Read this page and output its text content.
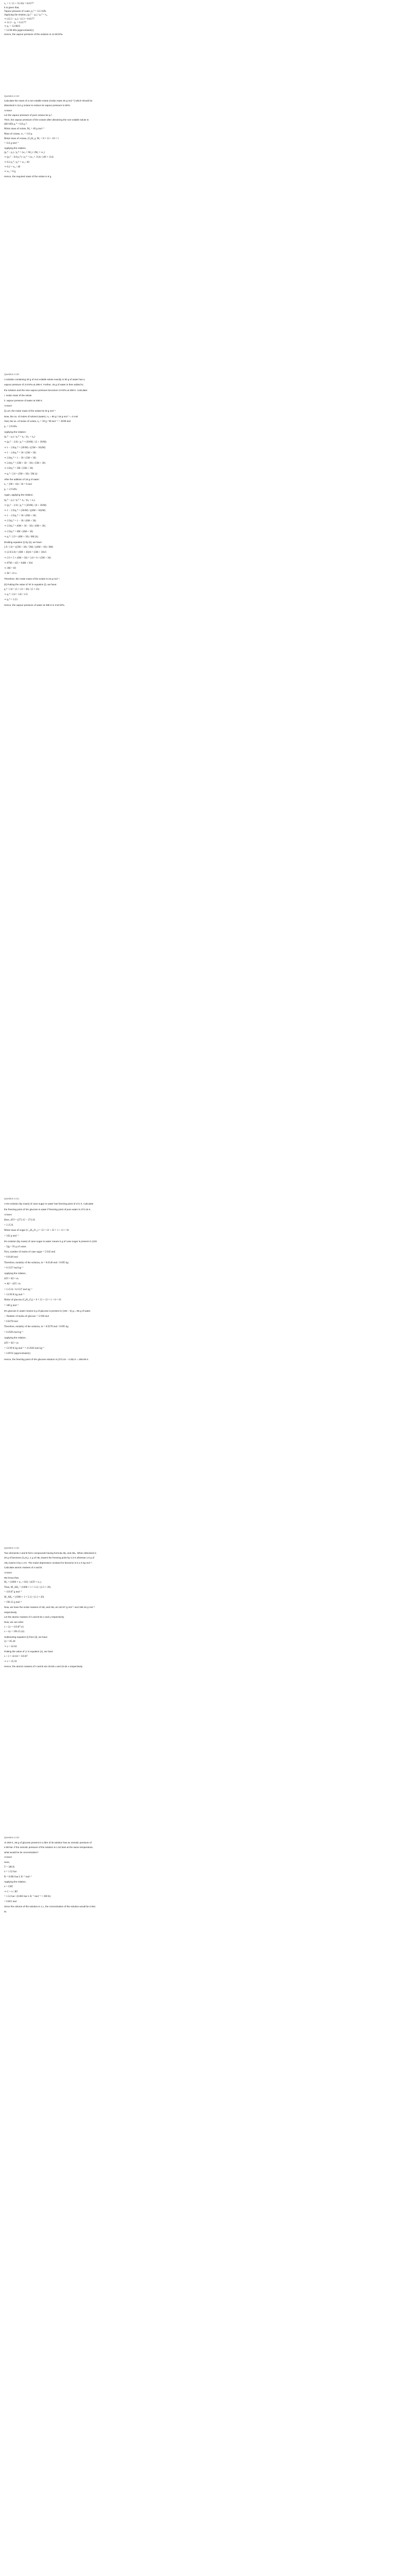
x₁ = 1 / (1 + 55.56) = 0.0177
It is given that,
Vapour pressure of water, p₁⁰ = 12.3 kPa
Applying the relation, (p₁⁰ − p₁) / p₁⁰ = x₂
⇒ (12.3 − p₁) / 12.3 = 0.0177
⇒ 12.3 − p₁ = 0.2177
⇒ p₁ = 12.0823
= 12.08 kPa (approximately)
Hence, the vapour pressure of the solution is 12.08 kPa.
Question 2.19:
Calculate the mass of a non-volatile solute (molar mass 40 g mol⁻¹) which should be
dissolved in 114 g octane to reduce its vapour pressure to 80%.
Answer
Let the vapour pressure of pure octane be p₁⁰.
Then, the vapour pressure of the octane after dissolving the non-volatile solute is
(80/100) p₁⁰ = 0.8 p₁⁰.
Molar mass of solute, M₂ = 40 g mol⁻¹
Mass of octane, w₁ = 114 g
Molar mass of octane, (C₈H₁₈), M₁ = 8 × 12 + 18 × 1
= 114 g mol⁻¹
Applying the relation,
(p₁⁰ − p₁) / p₁⁰ = (w₂ × M₁) / (M₂ × w₁)
⇒ (p₁⁰ − 0.8 p₁⁰) / p₁⁰ = (w₂ × 114) / (40 × 114)
⇒ 0.2 p₁⁰ / p₁⁰ = w₂ / 40
⇒ 0.2 = w₂ / 40
⇒ w₂ = 8 g
Hence, the required mass of the solute is 8 g.
Question 2.20:
A solution containing 30 g of non-volatile solute exactly in 90 g of water has a
vapour pressure of 2.8 kPa at 298 K. Further, 18 g of water is then added to
the solution and the new vapour pressure becomes 2.9 kPa at 298 K. Calculate:
i. molar mass of the solute
ii. vapour pressure of water at 298 K.
Answer
(i) Let, the molar mass of the solute be M g mol⁻¹
Now, the no. of moles of solvent (water), n₁ = 90 g / 18 g mol⁻¹ = 5 mol
And, the no. of moles of solute, n₂ = 30 g / M mol⁻¹ = 30/M mol
p₁ = 2.8 kPa
Applying the relation:
(p₁⁰ − p₁) / p₁⁰ = n₂ / (n₁ + n₂)
⇒ (p₁⁰ − 2.8) / p₁⁰ = (30/M) / (5 + 30/M)
⇒ 1 − 2.8/p₁⁰ = (30/M) / ((5M + 30)/M)
⇒ 1 − 2.8/p₁⁰ = 30 / (5M + 30)
⇒ 2.8/p₁⁰ = 1 − 30 / (5M + 30)
⇒ 2.8/p₁⁰ = (5M + 30 − 30) / (5M + 30)
⇒ 2.8/p₁⁰ = 5M / (5M + 30)
⇒ p₁⁰ / 2.8 = (5M + 30) / 5M (i)
After the addition of 18 g of water:
n₁ = (90 + 18) / 18 = 6 mol
p₁ = 2.9 kPa
Again, applying the relation:
(p₁⁰ − p₁) / p₁⁰ = n₂ / (n₁ + n₂)
⇒ (p₁⁰ − 2.9) / p₁⁰ = (30/M) / (6 + 30/M)
⇒ 1 − 2.9/p₁⁰ = (30/M) / ((6M + 30)/M)
⇒ 1 − 2.9/p₁⁰ = 30 / (6M + 30)
⇒ 2.9/p₁⁰ = 1 − 30 / (6M + 30)
⇒ 2.9/p₁⁰ = (6M + 30 − 30) / (6M + 30)
⇒ 2.9/p₁⁰ = 6M / (6M + 30)
⇒ p₁⁰ / 2.9 = (6M + 30) / 6M (ii)
Dividing equation (i) by (ii), we have:
2.9 / 2.8 = ((5M + 30) / 5M) / ((6M + 30) / 6M)
⇒ (2.9/2.8) × (6M + 30)/6 = (5M + 30)/5
⇒ 2.9 × 5 × (6M + 30) = 2.8 × 6 × (5M + 30)
⇒ 87M + 435 = 84M + 504
⇒ 3M = 69
⇒ M = 23 u
Therefore, the molar mass of the solute is 23 g mol⁻¹.
(ii) Putting the value of 'M' in equation (i), we have:
p₁⁰ / 2.8 = (5 × 23 + 30) / (5 × 23)
⇒ p₁⁰ / 2.8 = 145 / 115
⇒ p₁⁰ = 3.53
Hence, the vapour pressure of water at 298 K is 3.53 kPa.
Question 2.21:
A 5% solution (by mass) of cane sugar in water has freezing point of 271 K. Calculate
the freezing point of 5% glucose in water if freezing point of pure water is 273.15 K.
Answer
Here, ΔTf = (273.15 − 271) K
= 2.15 K
Molar mass of sugar (C₁₂H₂₂O₁₁) = 12 × 12 + 22 × 1 + 11 × 16
= 342 g mol⁻¹
5% solution (by mass) of cane sugar in water means 5 g of cane sugar is present in (100
− 5)g = 95 g of water.
Now, number of moles of cane sugar = 5/342 mol
= 0.0146 mol
Therefore, molality of the solution, m = 0.0146 mol / 0.095 kg
= 0.1537 mol kg⁻¹
Applying the relation,
ΔTf = Kf × m
⇒ Kf = ΔTf / m
= 2.15 K / 0.1537 mol kg⁻¹
= 13.99 K kg mol⁻¹
Molar of glucose (C₆H₁₂O₆) = 6 × 12 + 12 × 1 + 6 × 16
= 180 g mol⁻¹
5% glucose in water means 5 g of glucose is present in (100 − 5) g = 95 g of water.
∴ Number of moles of glucose = 5/180 mol
= 0.0278 mol
Therefore, molality of the solution, m = 0.0278 mol / 0.095 kg
= 0.2926 mol kg⁻¹
Applying the relation,
ΔTf = Kf × m
= 13.99 K kg mol⁻¹ × 0.2926 mol kg⁻¹
= 4.09 K (approximately)
Hence, the freezing point of 5% glucose solution is (273.15 − 4.09) K = 269.06 K.
Question 2.22:
Two elements A and B form compounds having formula AB₂ and AB₄. When dissolved in
20 g of benzene (C₆H₆), 1 g of AB₂ lowers the freezing point by 2.3 K whereas 1.0 g of
AB₄ lowers it by 1.3 K. The molar depression constant for benzene is 5.1 K kg mol⁻¹.
Calculate atomic masses of A and B.
Answer
We know that,
M₂ = (1000 × w₂ × Kf) / (ΔTf × w₁)
Then, M_AB₂ = (1000 × 1 × 5.1) / (2.3 × 20)
= 110.87 g mol⁻¹
M_AB₄ = (1000 × 1 × 5.1) / (1.3 × 20)
= 196.15 g mol⁻¹
Now, we have the molar masses of AB₂ and AB₄ as 110.87 g mol⁻¹ and 196.15 g mol⁻¹
respectively.
Let the atomic masses of A and B be x and y respectively.
Now, we can write:
x + 2y = 110.87 (i)
x + 4y = 196.15 (ii)
Subtracting equation (i) from (ii), we have
2y = 85.28
⇒ y = 42.64
Putting the value of 'y' in equation (1), we have
x + 2 × 42.64 = 110.87
⇒ x = 25.59
Hence, the atomic masses of A and B are 25.59 u and 42.64 u respectively.
Question 2.23:
At 300 K, 36 g of glucose present in a litre of its solution has an osmotic pressure of
4.98 bar. If the osmotic pressure of the solution is 1.52 bars at the same temperature,
what would be its concentration?
Answer
Here,
T = 300 K
π = 1.52 bar
R = 0.083 bar L K⁻¹ mol⁻¹
Applying the relation,
π = CRT
⇒ C = π / RT
= 1.52 bar / (0.083 bar L K⁻¹ mol⁻¹ × 300 K)
= 0.061 mol
Since the volume of the solution is 1 L, the concentration of the solution would be 0.061
M.
